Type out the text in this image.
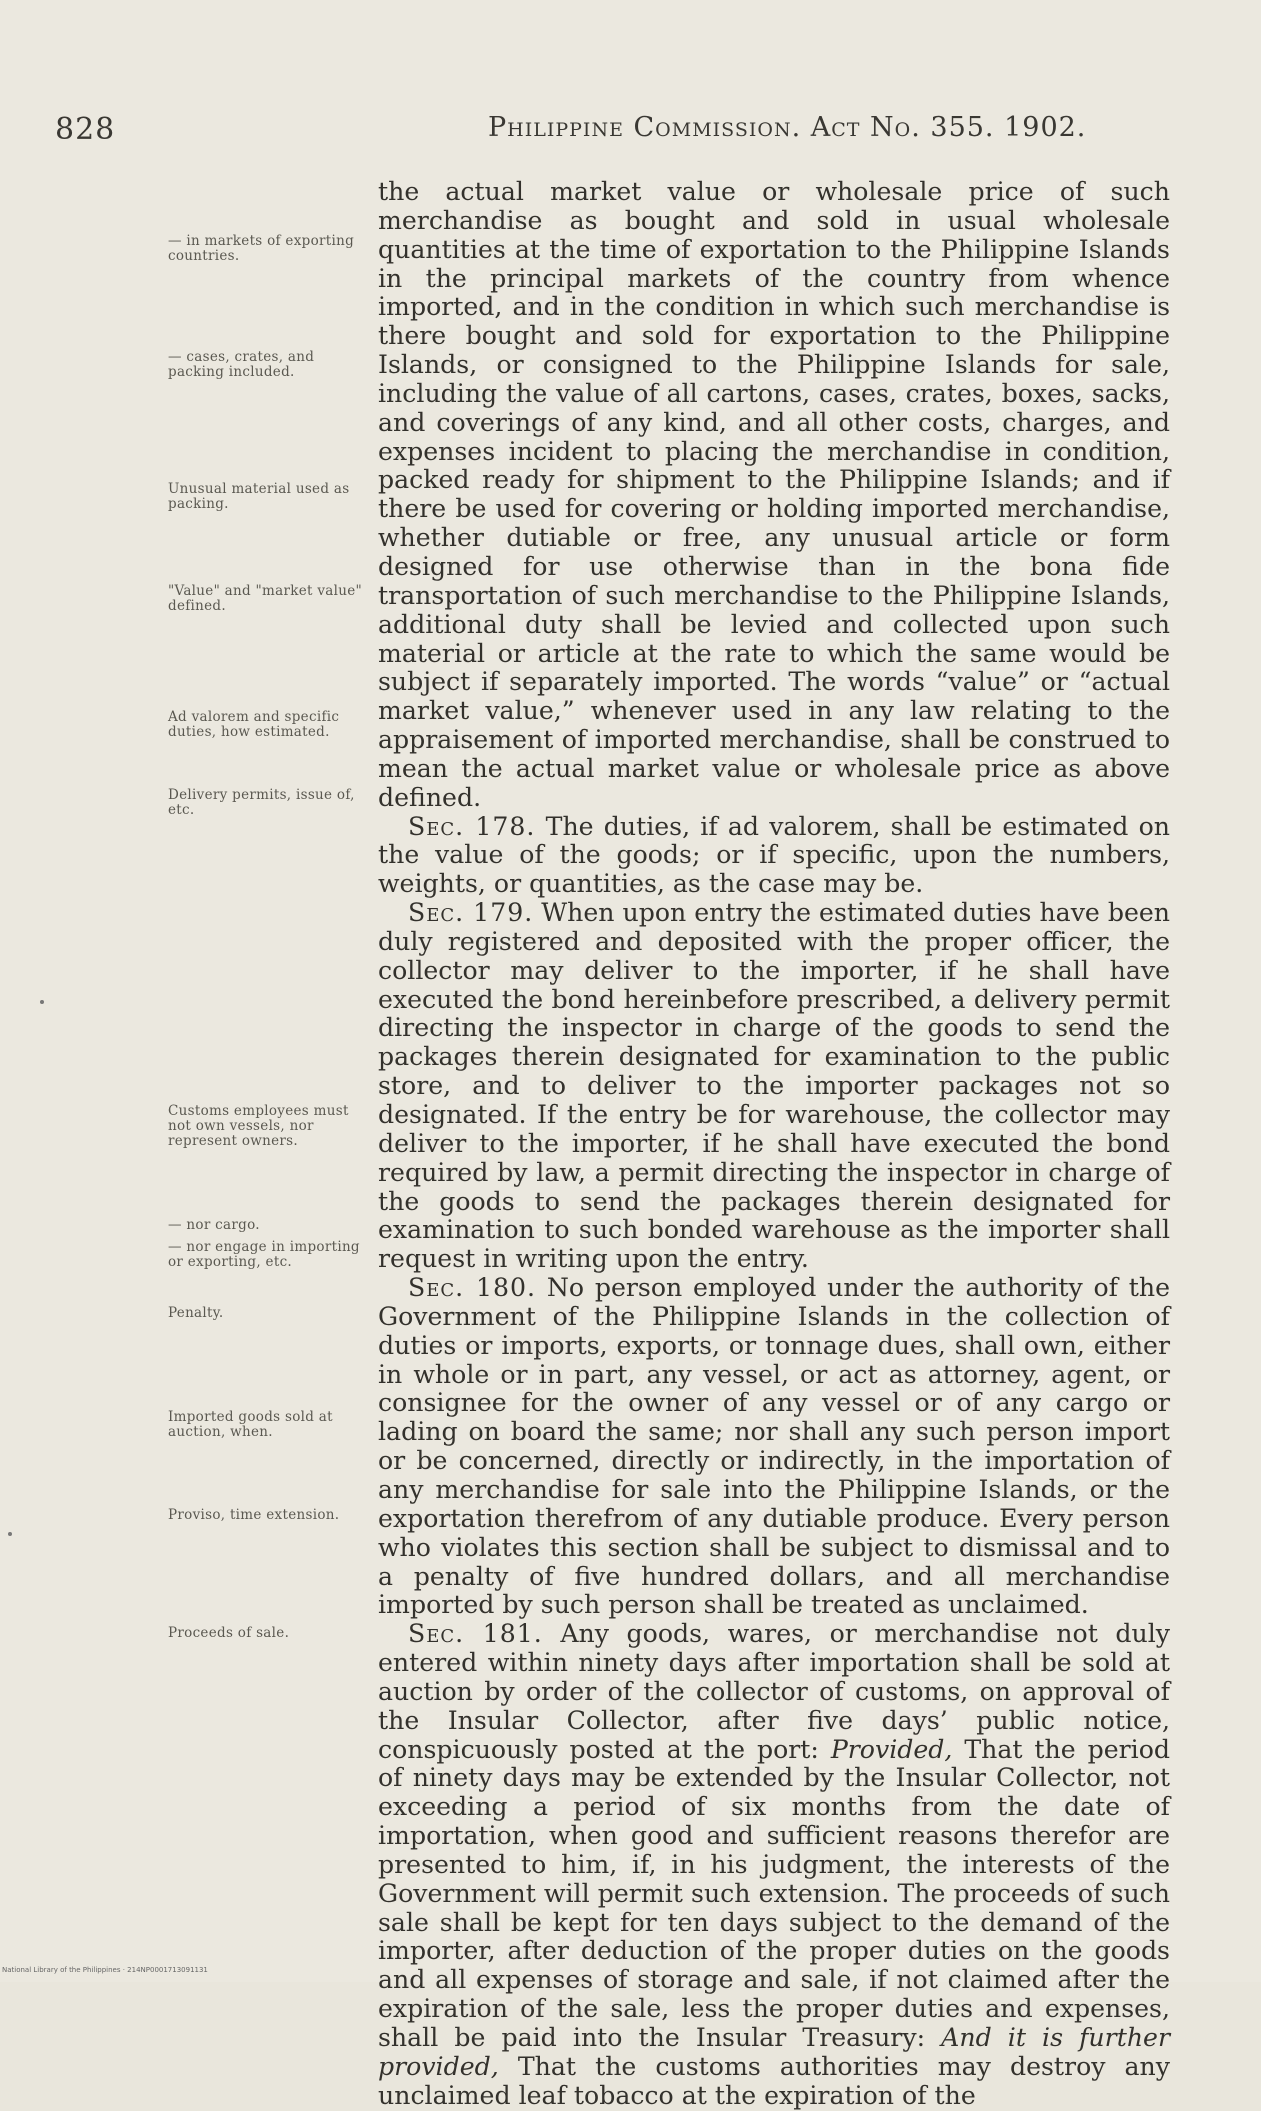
828	Philippine Commission. Act No. 355. 1902.
— in markets of exporting countries.
— cases, crates, and packing included.
Unusual material used as packing.
"Value" and "market value" defined.
Ad valorem and specific duties, how estimated.
Delivery permits, issue of, etc.
Customs employees must not own vessels, nor represent owners.
— nor cargo.
— nor engage in importing or exporting, etc.
Penalty.
Imported goods sold at auction, when.
Proviso, time extension.
Proceeds of sale.

the actual market value or wholesale price of such merchandise as bought and sold in usual wholesale quantities at the time of exportation to the Philippine Islands in the principal markets of the country from whence imported, and in the condition in which such merchandise is there bought and sold for exportation to the Philippine Islands, or consigned to the Philippine Islands for sale, including the value of all cartons, cases, crates, boxes, sacks, and coverings of any kind, and all other costs, charges, and expenses incident to placing the merchandise in condition, packed ready for shipment to the Philippine Islands; and if there be used for covering or holding imported merchandise, whether dutiable or free, any unusual article or form designed for use otherwise than in the bona fide transportation of such merchandise to the Philippine Islands, additional duty shall be levied and collected upon such material or article at the rate to which the same would be subject if separately imported. The words “value” or “actual market value,” whenever used in any law relating to the appraisement of imported merchandise, shall be construed to mean the actual market value or wholesale price as above defined.

Sec. 178. The duties, if ad valorem, shall be estimated on the value of the goods; or if specific, upon the numbers, weights, or quantities, as the case may be.

Sec. 179. When upon entry the estimated duties have been duly registered and deposited with the proper officer, the collector may deliver to the importer, if he shall have executed the bond hereinbefore prescribed, a delivery permit directing the inspector in charge of the goods to send the packages therein designated for examination to the public store, and to deliver to the importer packages not so designated. If the entry be for warehouse, the collector may deliver to the importer, if he shall have executed the bond required by law, a permit directing the inspector in charge of the goods to send the packages therein designated for examination to such bonded warehouse as the importer shall request in writing upon the entry.

Sec. 180. No person employed under the authority of the Government of the Philippine Islands in the collection of duties or imports, exports, or tonnage dues, shall own, either in whole or in part, any vessel, or act as attorney, agent, or consignee for the owner of any vessel or of any cargo or lading on board the same; nor shall any such person import or be concerned, directly or indirectly, in the importation of any merchandise for sale into the Philippine Islands, or the exportation therefrom of any dutiable produce. Every person who violates this section shall be subject to dismissal and to a penalty of five hundred dollars, and all merchandise imported by such person shall be treated as unclaimed.

Sec. 181. Any goods, wares, or merchandise not duly entered within ninety days after importation shall be sold at auction by order of the collector of customs, on approval of the Insular Collector, after five days’ public notice, conspicuously posted at the port: Provided, That the period of ninety days may be extended by the Insular Collector, not exceeding a period of six months from the date of importation, when good and sufficient reasons therefor are presented to him, if, in his judgment, the interests of the Government will permit such extension. The proceeds of such sale shall be kept for ten days subject to the demand of the importer, after deduction of the proper duties on the goods and all expenses of storage and sale, if not claimed after the expiration of the sale, less the proper duties and expenses, shall be paid into the Insular Treasury: And it is further provided, That the customs authorities may destroy any unclaimed leaf tobacco at the expiration of the

National Library of the Philippines · 214NP0001713091131
